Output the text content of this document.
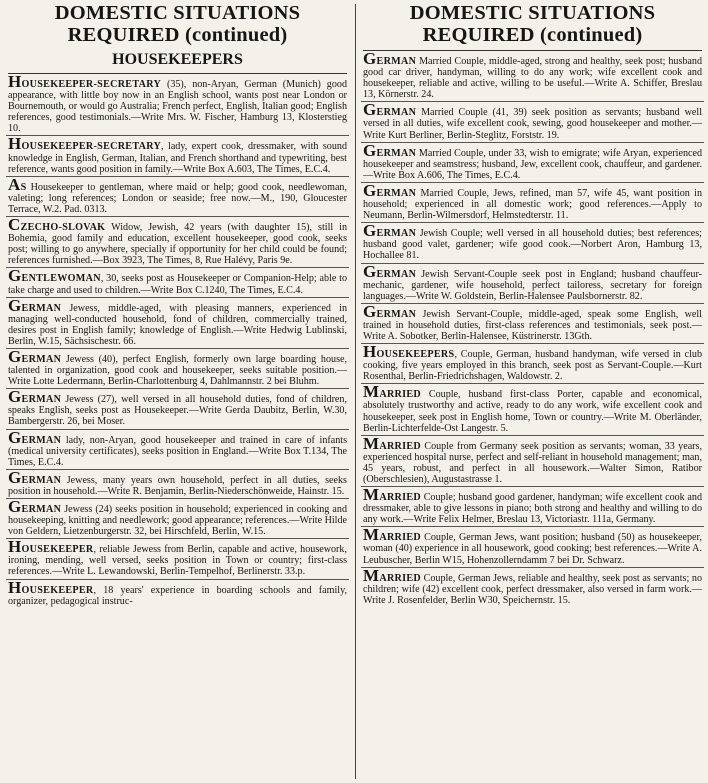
DOMESTIC SITUATIONS REQUIRED (continued)
HOUSEKEEPERS

HOUSEKEEPER-SECRETARY (35), non-Aryan, German (Munich) good appearance, with little boy now in an English school, wants post near London or Bournemouth, or would go Australia; French perfect, English, Italian good; English references, good testimonials.—Write Mrs. W. Fischer, Hamburg 13, Klosterstieg 10.

HOUSEKEEPER-SECRETARY, lady, expert cook, dressmaker, with sound knowledge in English, German, Italian, and French shorthand and typewriting, best reference, wants good position in family.—Write Box A.603, The Times, E.C.4.

AS Housekeeper to gentleman, where maid or help; good cook, needlewoman, valeting; long references; London or seaside; free now.—M., 190, Gloucester Terrace, W.2. Pad. 0313.

CZECHO-SLOVAK Widow, Jewish, 42 years (with daughter 15), still in Bohemia, good family and education, excellent housekeeper, good cook, seeks post; willing to go anywhere, specially if opportunity for her child could be found; references furnished.—Box 3923, The Times, 8, Rue Halévy, Paris 9e.

GENTLEWOMAN, 30, seeks post as Housekeeper or Companion-Help; able to take charge and used to children.—Write Box C.1240, The Times, E.C.4.

GERMAN Jewess, middle-aged, with pleasing manners, experienced in managing well-conducted household, fond of children, commercially trained, desires post in English family; knowledge of English.—Write Hedwig Lublinski, Berlin, W.15, Sächsischestr. 66.

GERMAN Jewess (40), perfect English, formerly own large boarding house, talented in organization, good cook and housekeeper, seeks suitable position.—Write Lotte Ledermann, Berlin-Charlottenburg 4, Dahlmannstr. 2 bei Bluhm.

GERMAN Jewess (27), well versed in all household duties, fond of children, speaks English, seeks post as Housekeeper.—Write Gerda Daubitz, Berlin, W.30, Bambergerstr. 26, bei Moser.

GERMAN lady, non-Aryan, good housekeeper and trained in care of infants (medical university certificates), seeks position in England.—Write Box T.134, The Times, E.C.4.

GERMAN Jewess, many years own household, perfect in all duties, seeks position in household.—Write R. Benjamin, Berlin-Niederschönweide, Hainstr. 15.

GERMAN Jewess (24) seeks position in household; experienced in cooking and housekeeping, knitting and needlework; good appearance; references.—Write Hilde von Geldern, Lietzenburgerstr. 32, bei Hirschfeld, Berlin, W.15.

HOUSEKEEPER, reliable Jewess from Berlin, capable and active, housework, ironing, mending, well versed, seeks position in Town or country; first-class references.—Write L. Lewandowski, Berlin-Tempelhof, Berlinerstr. 33.p.

HOUSEKEEPER, 18 years' experience in boarding schools and family, organizer, pedagogical instruc-

DOMESTIC SITUATIONS REQUIRED (continued)

GERMAN Married Couple, middle-aged, strong and healthy, seek post; husband good car driver, handyman, willing to do any work; wife excellent cook and housekeeper, reliable and active, willing to be useful.—Write A. Schiffer, Breslau 13, Körnerstr. 24.

GERMAN Married Couple (41, 39) seek position as servants; husband well versed in all duties, wife excellent cook, sewing, good housekeeper and mother.—Write Kurt Berliner, Berlin-Steglitz, Forststr. 19.

GERMAN Married Couple, under 33, wish to emigrate; wife Aryan, experienced housekeeper and seamstress; husband, Jew, excellent cook, chauffeur, and gardener.—Write Box A.606, The Times, E.C.4.

GERMAN Married Couple, Jews, refined, man 57, wife 45, want position in household; experienced in all domestic work; good references.—Apply to Neumann, Berlin-Wilmersdorf, Helmstedterstr. 11.

GERMAN Jewish Couple; well versed in all household duties; best references; husband good valet, gardener; wife good cook.—Norbert Aron, Hamburg 13, Hochallee 81.

GERMAN Jewish Servant-Couple seek post in England; husband chauffeur-mechanic, gardener, wife household, perfect tailoress, secretary for foreign languages.—Write W. Goldstein, Berlin-Halensee Paulsbornerstr. 82.

GERMAN Jewish Servant-Couple, middle-aged, speak some English, well trained in household duties, first-class references and testimonials, seek post.—Write A. Sobotker, Berlin-Halensee, Küstrinerstr. 13Gth.

HOUSEKEEPERS, Couple, German, husband handyman, wife versed in club cooking, five years employed in this branch, seek post as Servant-Couple.—Kurt Rosenthal, Berlin-Friedrichshagen, Waldowstr. 2.

MARRIED Couple, husband first-class Porter, capable and economical, absolutely trustworthy and active, ready to do any work, wife excellent cook and housekeeper, seek post in English home, Town or country.—Write M. Oberländer, Berlin-Lichterfelde-Ost Langestr. 5.

MARRIED Couple from Germany seek position as servants; woman, 33 years, experienced hospital nurse, perfect and self-reliant in household management; man, 45 years, robust, and perfect in all housework.—Walter Simon, Ratibor (Oberschlesien), Augustastrasse 1.

MARRIED Couple; husband good gardener, handyman; wife excellent cook and dressmaker, able to give lessons in piano; both strong and healthy and willing to do any work.—Write Felix Helmer, Breslau 13, Victoriastr. 111a, Germany.

MARRIED Couple, German Jews, want position; husband (50) as housekeeper, woman (40) experience in all housework, good cooking; best references.—Write A. Leubuscher, Berlin W15, Hohenzollerndamm 7 bei Dr. Schwarz.

MARRIED Couple, German Jews, reliable and healthy, seek post as servants; no children; wife (42) excellent cook, perfect dressmaker, also versed in farm work.—Write J. Rosenfelder, Berlin W30, Speichernstr. 15.
